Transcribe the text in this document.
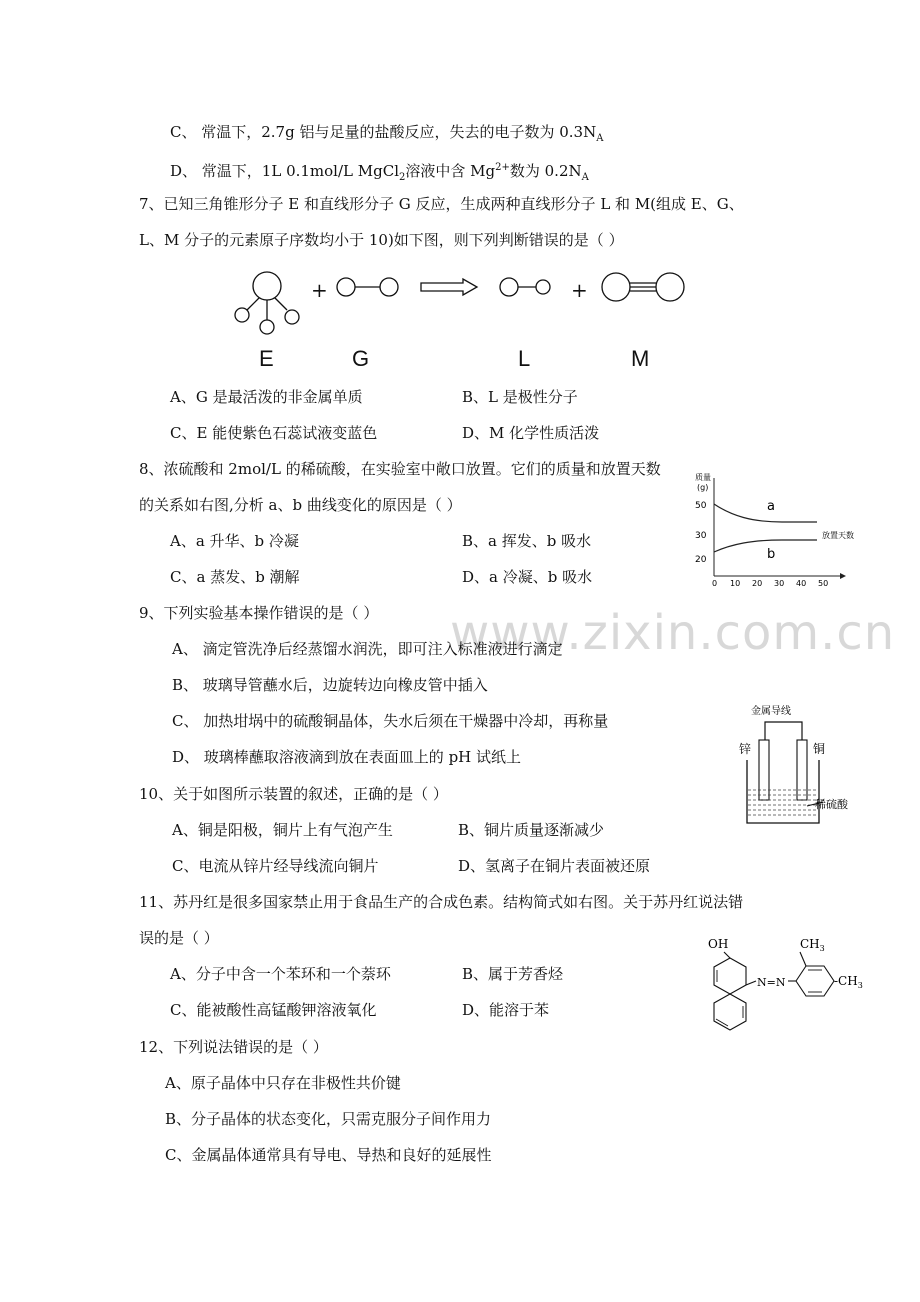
www.zixin.com.cn
C、 常温下，2.7g 铝与足量的盐酸反应，失去的电子数为 $0.3N_A$
D、 常温下，1L 0.1mol/L MgCl$_2$溶液中含 $Mg^{2+}$数为 $0.2N_A$
7、已知三角锥形分子 E 和直线形分子 G 反应，生成两种直线形分子 L 和 M(组成 E、G、
L、M 分子的元素原子序数均小于 10)如下图，则下列判断错误的是（ ）
+	+
E	G	L	M
A、G 是最活泼的非金属单质	B、L 是极性分子
C、E 能使紫色石蕊试液变蓝色	D、M 化学性质活泼
8、浓硫酸和 2mol/L 的稀硫酸，在实验室中敞口放置。它们的质量和放置天数
的关系如右图,分析 a、b 曲线变化的原因是（ ）
A、a 升华、b 冷凝	B、a 挥发、b 吸水
C、a 蒸发、b 潮解	D、a 冷凝、b 吸水
质量
(g)
50
30
20
a
b
放置天数
0 10 20 30 40 50
9、下列实验基本操作错误的是（ ）
A、 滴定管洗净后经蒸馏水润洗，即可注入标准液进行滴定
B、 玻璃导管蘸水后，边旋转边向橡皮管中插入
C、 加热坩埚中的硫酸铜晶体，失水后须在干燥器中冷却，再称量
D、 玻璃棒蘸取溶液滴到放在表面皿上的 pH 试纸上
金属导线
锌	铜
稀硫酸
10、关于如图所示装置的叙述，正确的是（ ）
A、铜是阳极，铜片上有气泡产生	B、铜片质量逐渐减少
C、电流从锌片经导线流向铜片	D、氢离子在铜片表面被还原
11、苏丹红是很多国家禁止用于食品生产的合成色素。结构简式如右图。关于苏丹红说法错
误的是（ ）
A、分子中含一个苯环和一个萘环	B、属于芳香烃
C、能被酸性高锰酸钾溶液氧化	D、能溶于苯
OH
N=N
$CH_3$
$-CH_3$
12、下列说法错误的是（ ）
A、原子晶体中只存在非极性共价键
B、分子晶体的状态变化，只需克服分子间作用力
C、金属晶体通常具有导电、导热和良好的延展性
